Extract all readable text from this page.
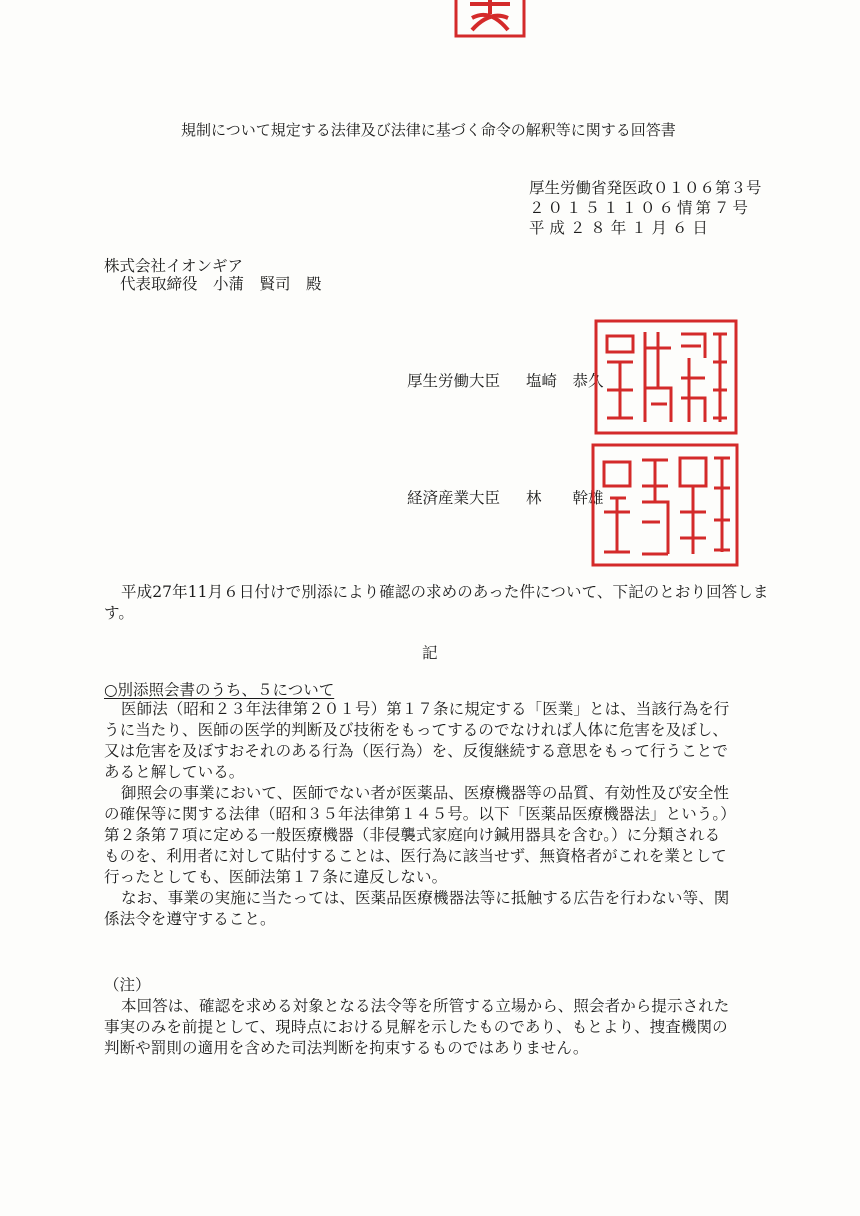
規制について規定する法律及び法律に基づく命令の解釈等に関する回答書
厚生労働省発医政０１０６第３号
２０１５１１０６情第７号
平 成 ２ ８ 年 １ 月 ６ 日
株式会社イオンギア
代表取締役　小蒲　賢司　殿
厚生労働大臣 塩崎　恭久
経済産業大臣 林　　幹雄
平成27年11月６日付けで別添により確認の求めのあった件について、下記のとおり回答しま
す。
記
○別添照会書のうち、５について
医師法（昭和２３年法律第２０１号）第１７条に規定する「医業」とは、当該行為を行
うに当たり、医師の医学的判断及び技術をもってするのでなければ人体に危害を及ぼし、
又は危害を及ぼすおそれのある行為（医行為）を、反復継続する意思をもって行うことで
あると解している。
御照会の事業において、医師でない者が医薬品、医療機器等の品質、有効性及び安全性
の確保等に関する法律（昭和３５年法律第１４５号。以下「医薬品医療機器法」という。）
第２条第７項に定める一般医療機器（非侵襲式家庭向け鍼用器具を含む。）に分類される
ものを、利用者に対して貼付することは、医行為に該当せず、無資格者がこれを業として
行ったとしても、医師法第１７条に違反しない。
なお、事業の実施に当たっては、医薬品医療機器法等に抵触する広告を行わない等、関
係法令を遵守すること。
（注）
本回答は、確認を求める対象となる法令等を所管する立場から、照会者から提示された
事実のみを前提として、現時点における見解を示したものであり、もとより、捜査機関の
判断や罰則の適用を含めた司法判断を拘束するものではありません。
